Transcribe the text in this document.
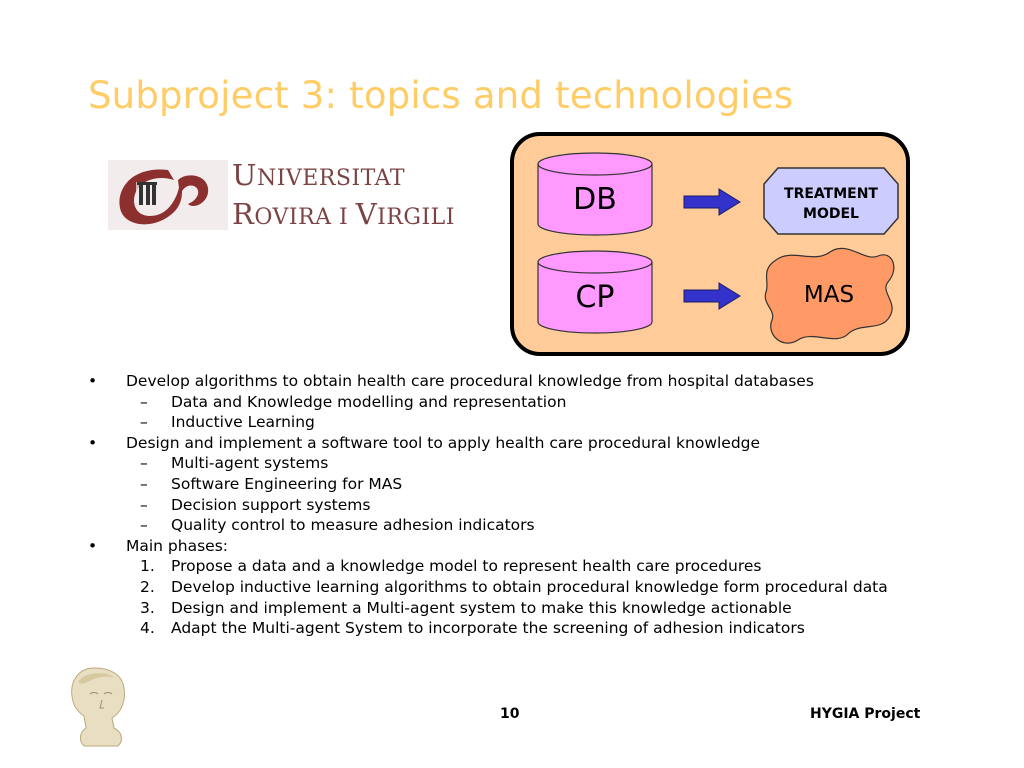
Subproject 3: topics and technologies
UNIVERSITAT
ROVIRA I VIRGILI
DB
CP
TREATMENT
MODEL
MAS
• Develop algorithms to obtain health care procedural knowledge from hospital databases
– Data and Knowledge modelling and representation
– Inductive Learning
• Design and implement a software tool to apply health care procedural knowledge
– Multi-agent systems
– Software Engineering for MAS
– Decision support systems
– Quality control to measure adhesion indicators
• Main phases:
1. Propose a data and a knowledge model to represent health care procedures
2. Develop inductive learning algorithms to obtain procedural knowledge form procedural data
3. Design and implement a Multi-agent system to make this knowledge actionable
4. Adapt the Multi-agent System to incorporate the screening of adhesion indicators
10	HYGIA Project
